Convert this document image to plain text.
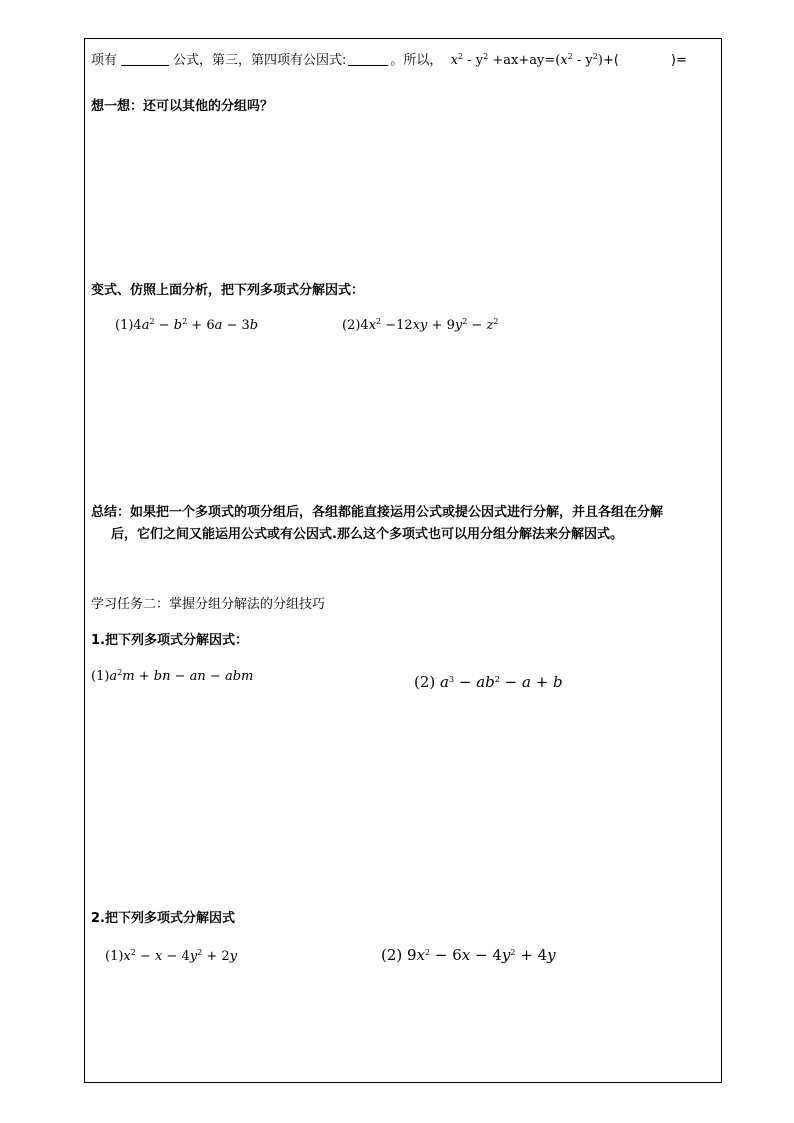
项有	公式，第三，第四项有公因式:	。所以， $x^2 - y^2 +ax+ay=(x^2 - y^2)+$(	)=
想一想：还可以其他的分组吗？
变式、仿照上面分析，把下列多项式分解因式：
$(1)4a^2 - b^2 + 6a - 3b$	$(2)4x^2 -12xy + 9y^2 - z^2$
总结：如果把一个多项式的项分组后，各组都能直接运用公式或提公因式进行分解，并且各组在分解
后，它们之间又能运用公式或有公因式.那么这个多项式也可以用分组分解法来分解因式。
学习任务二：掌握分组分解法的分组技巧
1.把下列多项式分解因式：
$(1)a^2m$ + bn − an − abm	(2) $a^3 - ab^2 - a + b$
2.把下列多项式分解因式
$(1)x^2 - x - 4y^2 + 2y$	(2) $9x^2 - 6x - 4y^2 + 4y$
